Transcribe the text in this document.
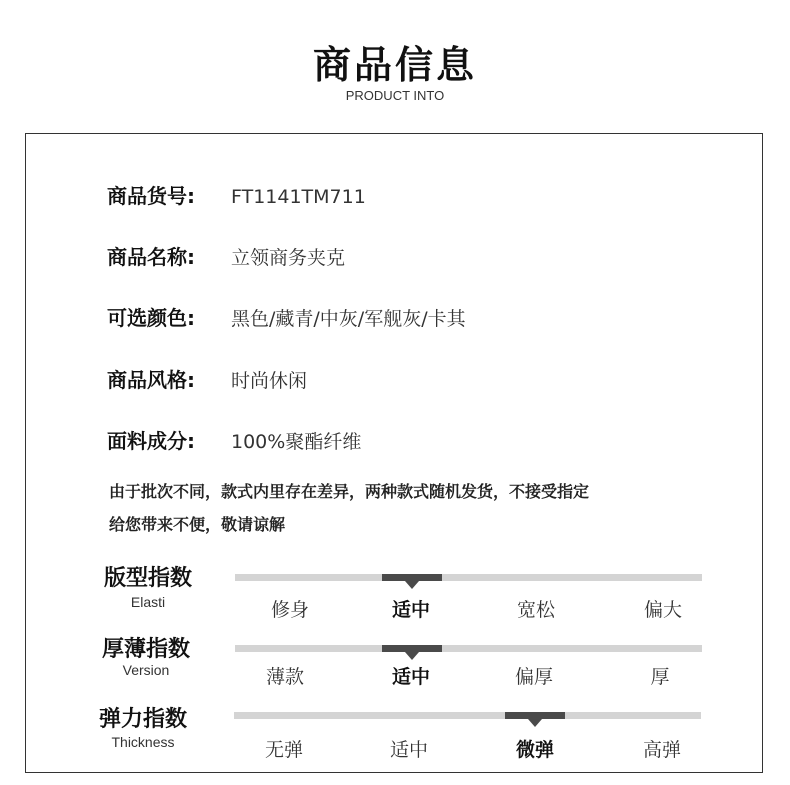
商品信息
PRODUCT INTO
商品货号: FT1141TM711
商品名称: 立领商务夹克
可选颜色: 黑色/藏青/中灰/军舰灰/卡其
商品风格: 时尚休闲
面料成分: 100%聚酯纤维
由于批次不同，款式内里存在差异，两种款式随机发货，不接受指定
给您带来不便，敬请谅解
版型指数
Elasti	修身	适中	宽松	偏大
厚薄指数
Version	薄款	适中	偏厚	厚
弹力指数
Thickness	无弹	适中	微弹	高弹
